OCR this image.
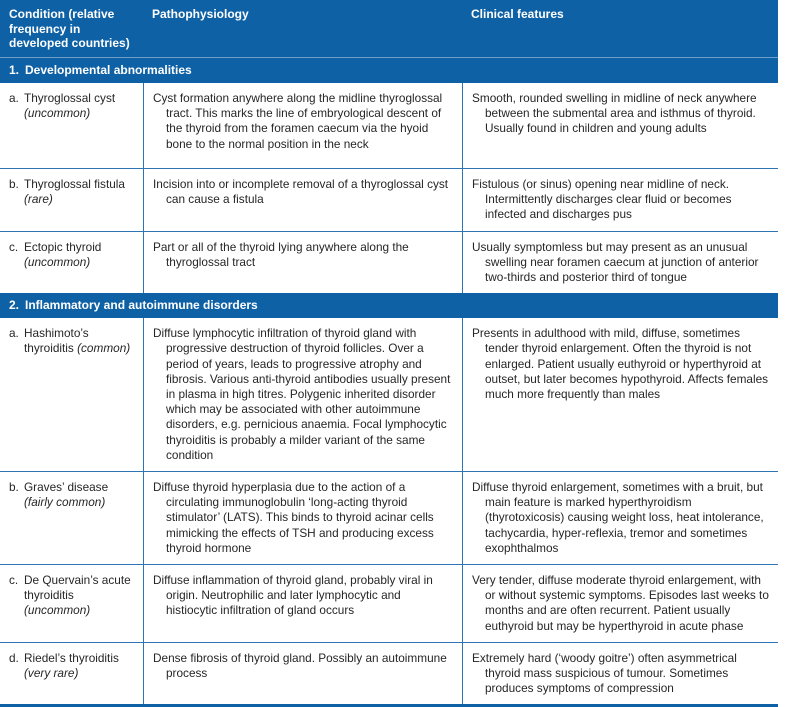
Condition (relative frequency in developed countries)
Pathophysiology	Clinical features
1. Developmental abnormalities
a. Thyroglossal cyst (uncommon)
Cyst formation anywhere along the midline thyroglossal tract. This marks the line of embryological descent of the thyroid from the foramen caecum via the hyoid bone to the normal position in the neck
Smooth, rounded swelling in midline of neck anywhere between the submental area and isthmus of thyroid. Usually found in children and young adults
b. Thyroglossal fistula (rare)
Incision into or incomplete removal of a thyroglossal cyst can cause a fistula
Fistulous (or sinus) opening near midline of neck. Intermittently discharges clear fluid or becomes infected and discharges pus
c. Ectopic thyroid (uncommon)
Part or all of the thyroid lying anywhere along the thyroglossal tract
Usually symptomless but may present as an unusual swelling near foramen caecum at junction of anterior two-thirds and posterior third of tongue
2. Inflammatory and autoimmune disorders
a. Hashimoto’s thyroiditis (common)
Diffuse lymphocytic infiltration of thyroid gland with progressive destruction of thyroid follicles. Over a period of years, leads to progressive atrophy and fibrosis. Various anti-thyroid antibodies usually present in plasma in high titres. Polygenic inherited disorder which may be associated with other autoimmune disorders, e.g. pernicious anaemia. Focal lymphocytic thyroiditis is probably a milder variant of the same condition
Presents in adulthood with mild, diffuse, sometimes tender thyroid enlargement. Often the thyroid is not enlarged. Patient usually euthyroid or hyperthyroid at outset, but later becomes hypothyroid. Affects females much more frequently than males
b. Graves’ disease (fairly common)
Diffuse thyroid hyperplasia due to the action of a circulating immunoglobulin ‘long-acting thyroid stimulator’ (LATS). This binds to thyroid acinar cells mimicking the effects of TSH and producing excess thyroid hormone
Diffuse thyroid enlargement, sometimes with a bruit, but main feature is marked hyperthyroidism (thyrotoxicosis) causing weight loss, heat intolerance, tachycardia, hyper-reflexia, tremor and sometimes exophthalmos
c. De Quervain’s acute thyroiditis (uncommon)
Diffuse inflammation of thyroid gland, probably viral in origin. Neutrophilic and later lymphocytic and histiocytic infiltration of gland occurs
Very tender, diffuse moderate thyroid enlargement, with or without systemic symptoms. Episodes last weeks to months and are often recurrent. Patient usually euthyroid but may be hyperthyroid in acute phase
d. Riedel’s thyroiditis (very rare)
Dense fibrosis of thyroid gland. Possibly an autoimmune process
Extremely hard (‘woody goitre’) often asymmetrical thyroid mass suspicious of tumour. Sometimes produces symptoms of compression
